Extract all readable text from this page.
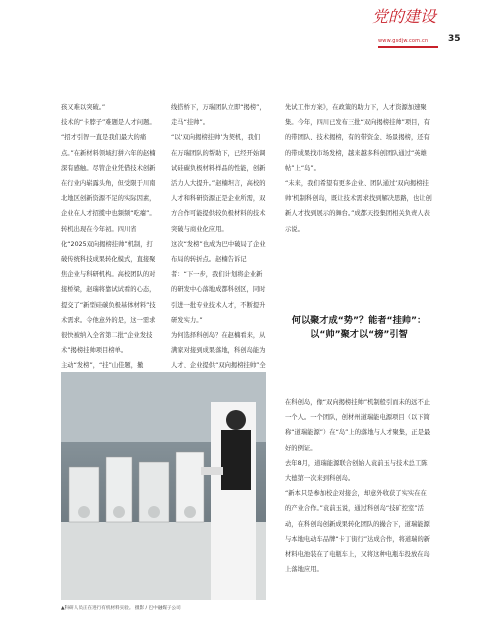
党的建设
www.gsdjw.com.cn 35

孩又难以突破。”

技术的“卡脖子”难题是人才问题。

“招才引智一直是我们最大的痛点。”在新材料领域打拼六年的赵楠深有感触。尽管企业凭借技术创新在行业内崭露头角，但受限于川南北地区创新资源不足的实际因素，企业在人才招揽中也频频“吃瘪”。

转机出现在今年初。四川省化“2025双向揭榜挂帅”机制，打破传统科技成果转化模式，直接聚焦企业与科研机构。高校团队的对接桥梁，赵瑞将靠试试看的心态，提交了“新型硅碳负极基体材料”技术需求。令他意外的是，这一需求很快被纳入全省第二批“企业发技术”揭榜挂帅项目榜单。

主动“发榜”，“挂”山佳题，撤

线搭桥下，万瑞团队立即“揭榜”，走马“挂帅”。

“以‘双向揭榜挂帅’为契机，我们在万瑞团队的帮助下，已经开始调试硅碳负极材料样品的性能，创新活力人大提升。”赵楠坦言，高校的人才和科研资源正是企业所需，双方合作可能提供较负极材料的技术突破与商业化应用。

这次“发榜”也成为巴中破局了企业布局的转折点。赵楠告诉记者：“下一步，我们计划将企业新的研发中心落地成都科创区，同时引进一批专业技术人才，不断提升研发实力。”

为何选择科创岛？在赵楠看来，从满家对接到成果落地，科创岛能为人才、企业提供“双向揭榜挂帅”全

先试工作方案》，在政策的助力下，人才资源加速聚集。今年，四川已发布三批“双向揭榜挂帅”项目，有的带团队、技术揭榜，有的带资金、场景揭榜，还有的带成果找市场发榜，越来越多科创团队通过“英雄帖”上“岛”。

“未来，我们希望有更多企业、团队通过‘双向揭榜挂帅’机制科创岛，既让技术需求找到解决思路，也让创新人才找到展示的舞台。”成都天投集团相关负责人表示说。

何以聚才成“势”？能者“挂帅”：以“帅”聚才以“榜”引智

在科创岛，像“双向揭榜挂帅”机制般引而未的远不止一个人。一个团队，创材州道瑞能电源项目（以下简称“道瑞能源”）在“岛”上的落地与人才聚集，正是最好的例证。

去年8月，道瑞能源联合创始人袁前玉与技术总工陈大德第一次来到科创岛。

“新本只是参加校企对接会，却意外收获了实实在在的产业合作。”袁前玉说，通过科创岛“技矿控室”活动，在科创岛创新成果转化团队的撮合下，道瑞能源与本地电动车品牌“卡丁街行”达成合作，将道瑞的新材料电池装在了电瓶车上，又将这种电瓶车投放在岛上落地应用。

▲科研人员正在进行有机材料实验。 摄影 / 巴中融媒子公司
